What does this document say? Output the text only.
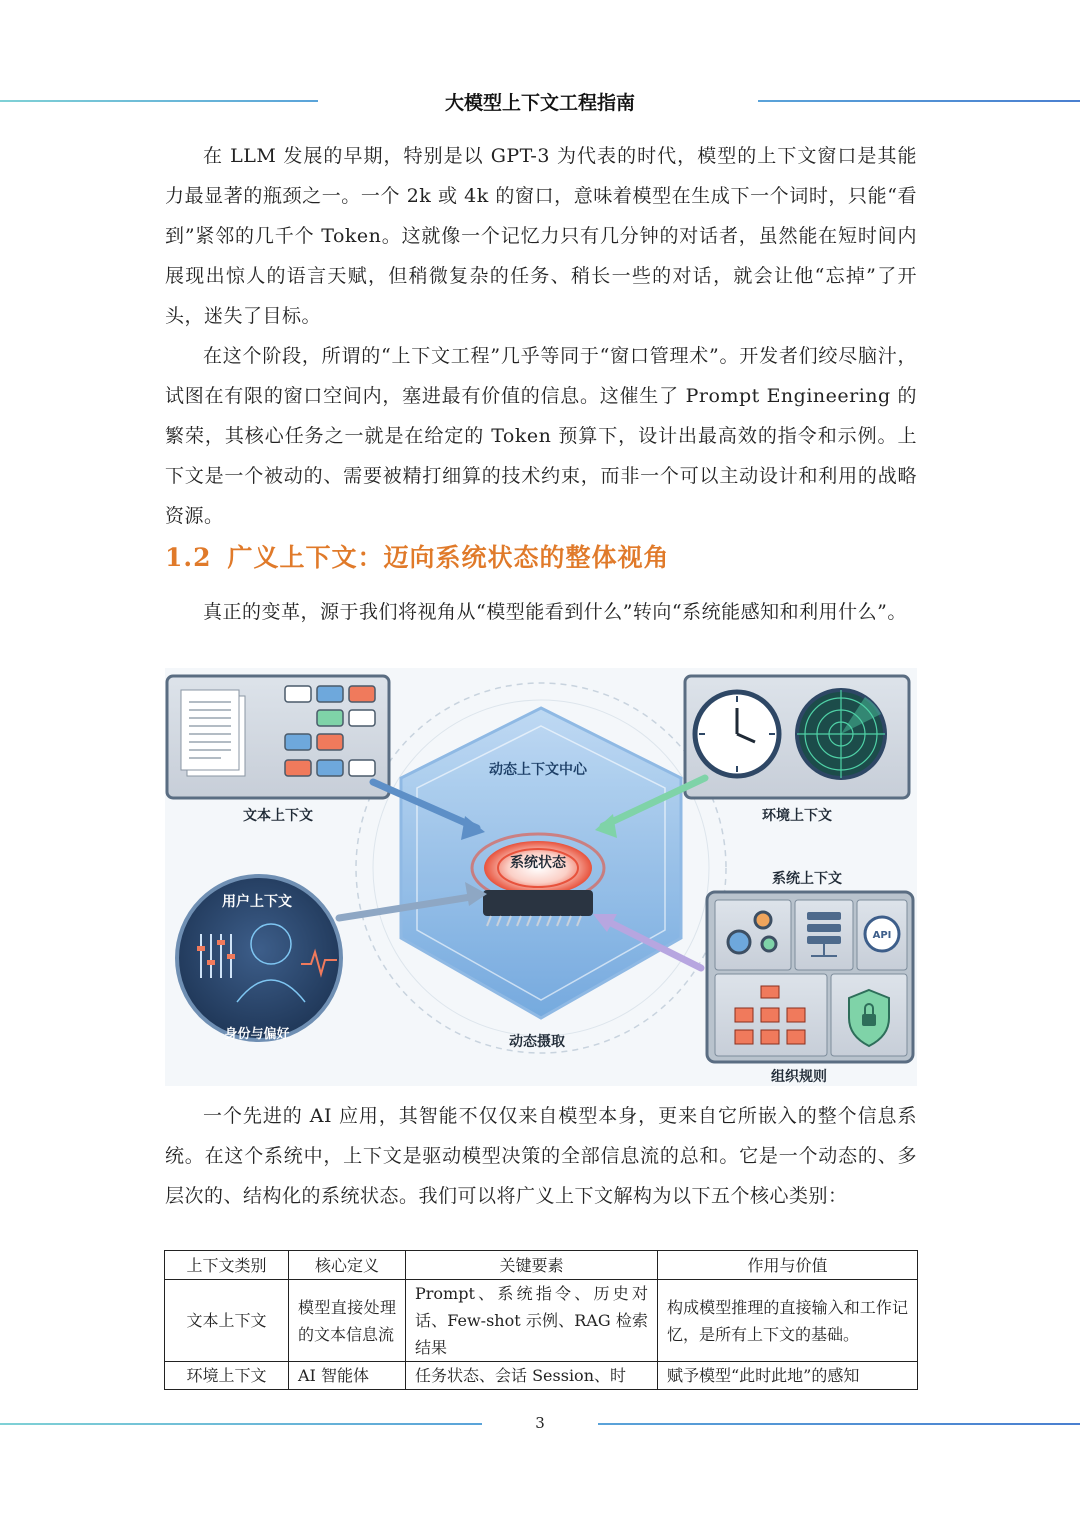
大模型上下文工程指南

在 LLM 发展的早期，特别是以 GPT-3 为代表的时代，模型的上下文窗口是其能力最显著的瓶颈之一。一个 2k 或 4k 的窗口，意味着模型在生成下一个词时，只能“看到”紧邻的几千个 Token。这就像一个记忆力只有几分钟的对话者，虽然能在短时间内展现出惊人的语言天赋，但稍微复杂的任务、稍长一些的对话，就会让他“忘掉”了开头，迷失了目标。

在这个阶段，所谓的“上下文工程”几乎等同于“窗口管理术”。开发者们绞尽脑汁，试图在有限的窗口空间内，塞进最有价值的信息。这催生了 Prompt Engineering 的繁荣，其核心任务之一就是在给定的 Token 预算下，设计出最高效的指令和示例。上下文是一个被动的、需要被精打细算的技术约束，而非一个可以主动设计和利用的战略资源。

1.2 广义上下文：迈向系统状态的整体视角

真正的变革，源于我们将视角从“模型能看到什么”转向“系统能感知和利用什么”。

动态上下文中心
系统状态
动态摄取
文本上下文	环境上下文
用户上下文
身份与偏好
系统上下文
API
组织规则

一个先进的 AI 应用，其智能不仅仅来自模型本身，更来自它所嵌入的整个信息系统。在这个系统中，上下文是驱动模型决策的全部信息流的总和。它是一个动态的、多层次的、结构化的系统状态。我们可以将广义上下文解构为以下五个核心类别：

上下文类别	核心定义	关键要素	作用与价值
文本上下文	模型直接处理的文本信息流	Prompt、系统指令、历史对话、Few-shot 示例、RAG 检索结果	构成模型推理的直接输入和工作记忆，是所有上下文的基础。
环境上下文	AI 智能体	任务状态、会话 Session、时	赋予模型“此时此地”的感知
3
